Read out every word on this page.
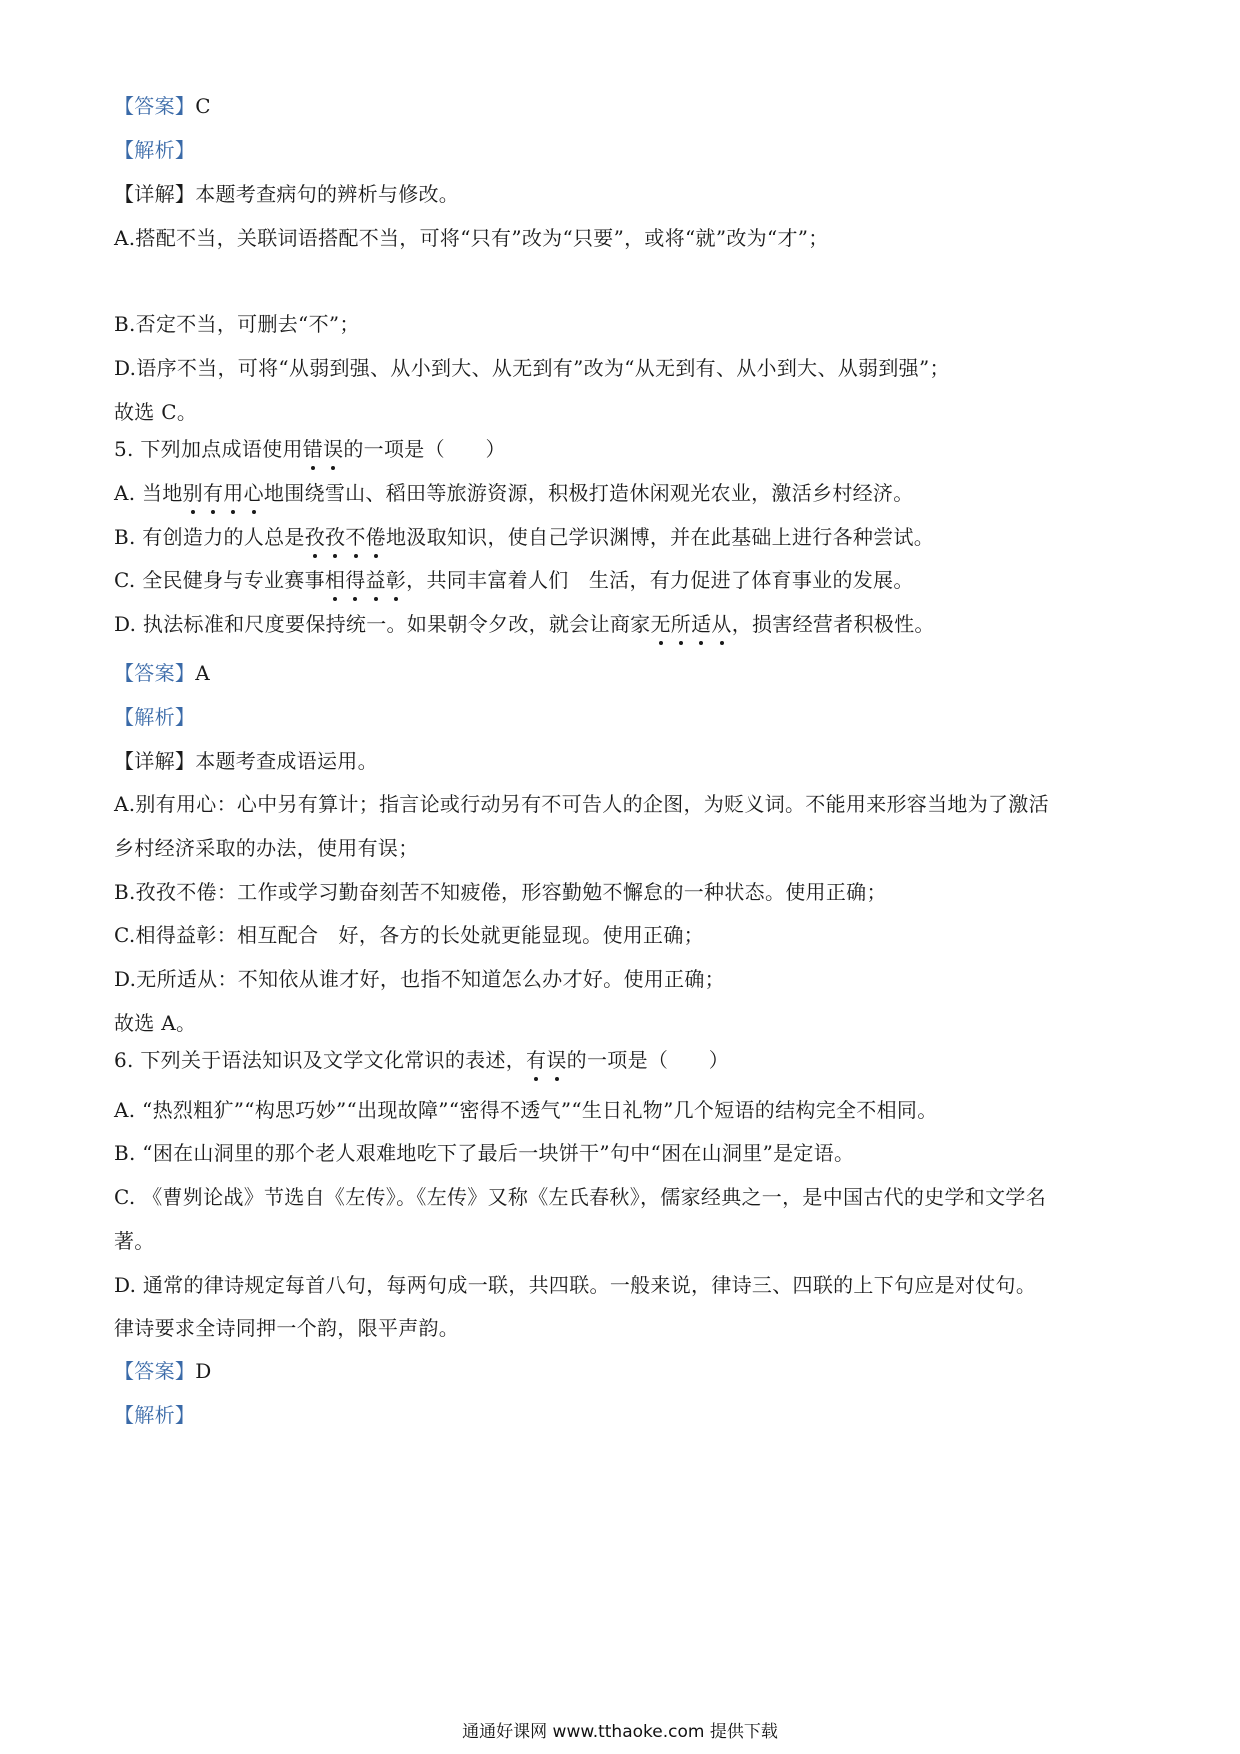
【答案】C
【解析】
【详解】本题考查病句的辨析与修改。
A.搭配不当，关联词语搭配不当，可将“只有”改为“只要”，或将“就”改为“才”；
B.否定不当，可删去“不”；
D.语序不当，可将“从弱到强、从小到大、从无到有”改为“从无到有、从小到大、从弱到强”；
故选 C。
5. 下列加点成语使用错误的一项是（　　）
A. 当地别有用心地围绕雪山、稻田等旅游资源，积极打造休闲观光农业，激活乡村经济。
B. 有创造力的人总是孜孜不倦地汲取知识，使自己学识渊博，并在此基础上进行各种尝试。
C. 全民健身与专业赛事相得益彰，共同丰富着人们　生活，有力促进了体育事业的发展。
D. 执法标准和尺度要保持统一。如果朝令夕改，就会让商家无所适从，损害经营者积极性。
【答案】A
【解析】
【详解】本题考查成语运用。
A.别有用心：心中另有算计；指言论或行动另有不可告人的企图，为贬义词。不能用来形容当地为了激活
乡村经济采取的办法，使用有误；
B.孜孜不倦：工作或学习勤奋刻苦不知疲倦，形容勤勉不懈怠的一种状态。使用正确；
C.相得益彰：相互配合　好，各方的长处就更能显现。使用正确；
D.无所适从：不知依从谁才好，也指不知道怎么办才好。使用正确；
故选 A。
6. 下列关于语法知识及文学文化常识的表述，有误的一项是（　　）
A. “热烈粗犷”“构思巧妙”“出现故障”“密得不透气”“生日礼物”几个短语的结构完全不相同。
B. “困在山洞里的那个老人艰难地吃下了最后一块饼干”句中“困在山洞里”是定语。
C. 《曹刿论战》节选自《左传》。《左传》又称《左氏春秋》，儒家经典之一，是中国古代的史学和文学名
著。
D. 通常的律诗规定每首八句，每两句成一联，共四联。一般来说，律诗三、四联的上下句应是对仗句。
律诗要求全诗同押一个韵，限平声韵。
【答案】D
【解析】
通通好课网 www.tthaoke.com 提供下载
